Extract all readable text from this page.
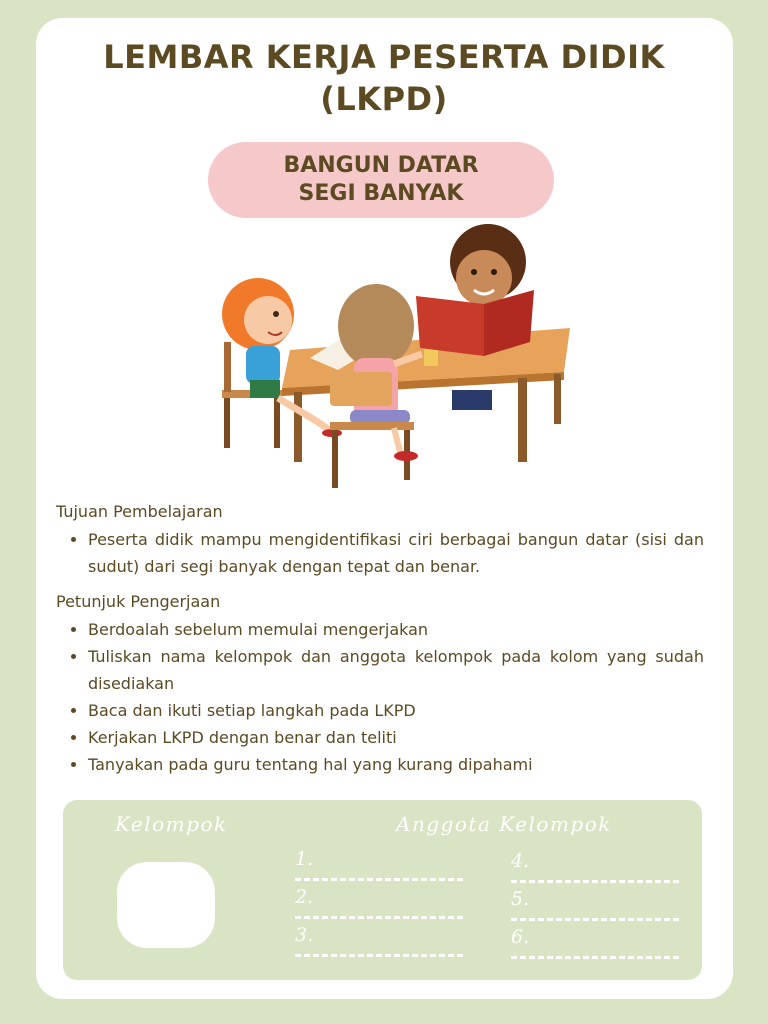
LEMBAR KERJA PESERTA DIDIK
(LKPD)
BANGUN DATAR
SEGI BANYAK
Tujuan Pembelajaran
• Peserta didik mampu mengidentifikasi ciri berbagai bangun datar (sisi dan sudut) dari segi banyak dengan tepat dan benar.
Petunjuk Pengerjaan
• Berdoalah sebelum memulai mengerjakan
• Tuliskan nama kelompok dan anggota kelompok pada kolom yang sudah disediakan
• Baca dan ikuti setiap langkah pada LKPD
• Kerjakan LKPD dengan benar dan teliti
• Tanyakan pada guru tentang hal yang kurang dipahami
Kelompok	Anggota Kelompok
1.
2.
3.
4.
5.
6.
